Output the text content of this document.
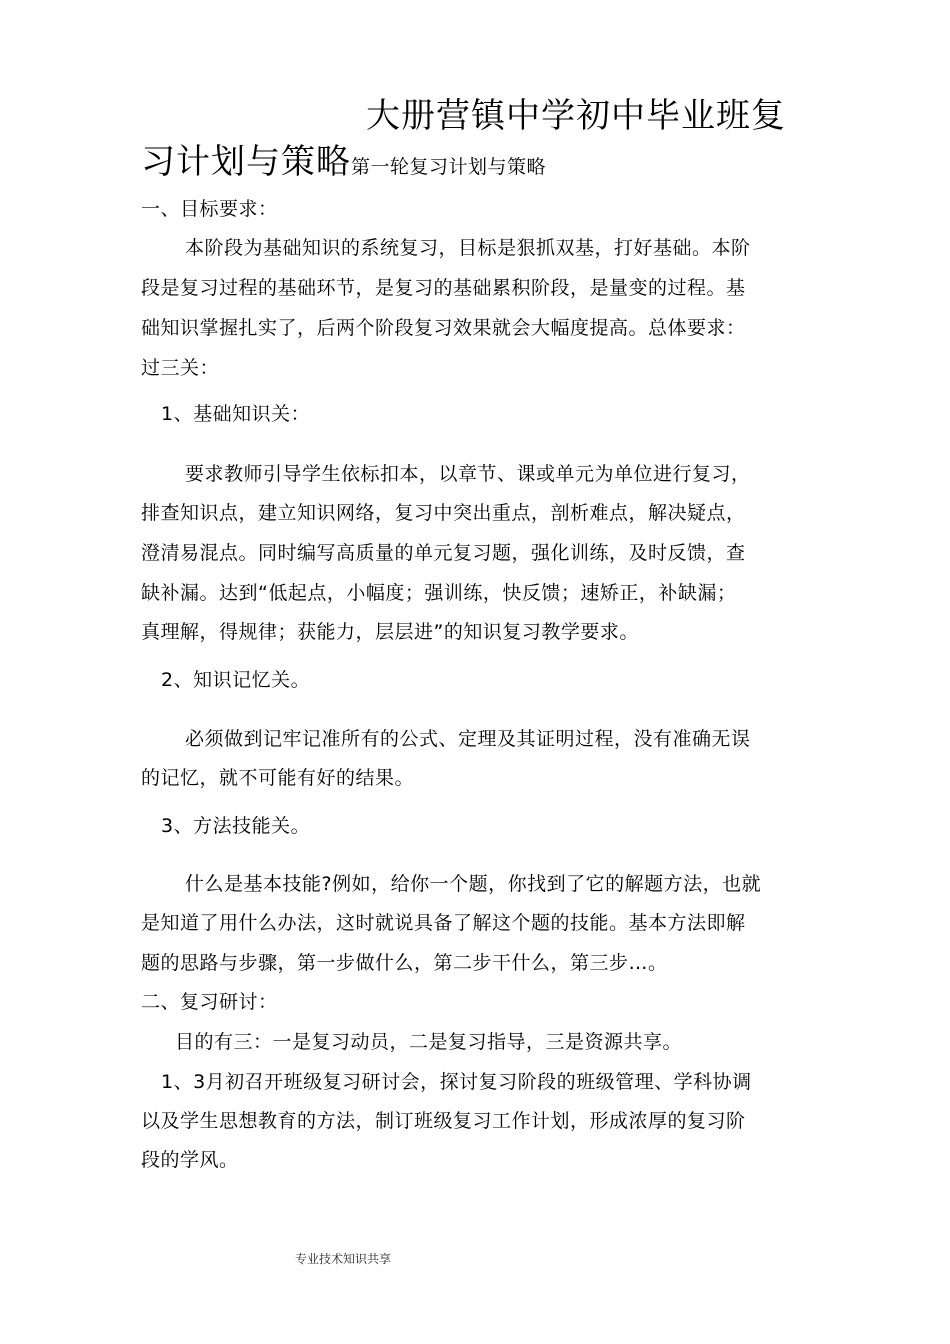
大册营镇中学初中毕业班复
习计划与策略第一轮复习计划与策略
一、目标要求：
本阶段为基础知识的系统复习，目标是狠抓双基，打好基础。本阶
段是复习过程的基础环节，是复习的基础累积阶段，是量变的过程。基
础知识掌握扎实了，后两个阶段复习效果就会大幅度提高。总体要求：
过三关：
1、基础知识关：
要求教师引导学生依标扣本，以章节、课或单元为单位进行复习，
排查知识点，建立知识网络，复习中突出重点，剖析难点，解决疑点，
澄清易混点。同时编写高质量的单元复习题，强化训练，及时反馈，查
缺补漏。达到“低起点，小幅度；强训练，快反馈；速矫正，补缺漏；
真理解，得规律；获能力，层层进”的知识复习教学要求。
2、知识记忆关。
必须做到记牢记准所有的公式、定理及其证明过程，没有准确无误
的记忆，就不可能有好的结果。
3、方法技能关。
什么是基本技能?例如，给你一个题，你找到了它的解题方法，也就
是知道了用什么办法，这时就说具备了解这个题的技能。基本方法即解
题的思路与步骤，第一步做什么，第二步干什么，第三步…。
二、复习研讨：
目的有三：一是复习动员，二是复习指导，三是资源共享。
1、3月初召开班级复习研讨会，探讨复习阶段的班级管理、学科协调
以及学生思想教育的方法，制订班级复习工作计划，形成浓厚的复习阶
段的学风。
专业技术知识共享
